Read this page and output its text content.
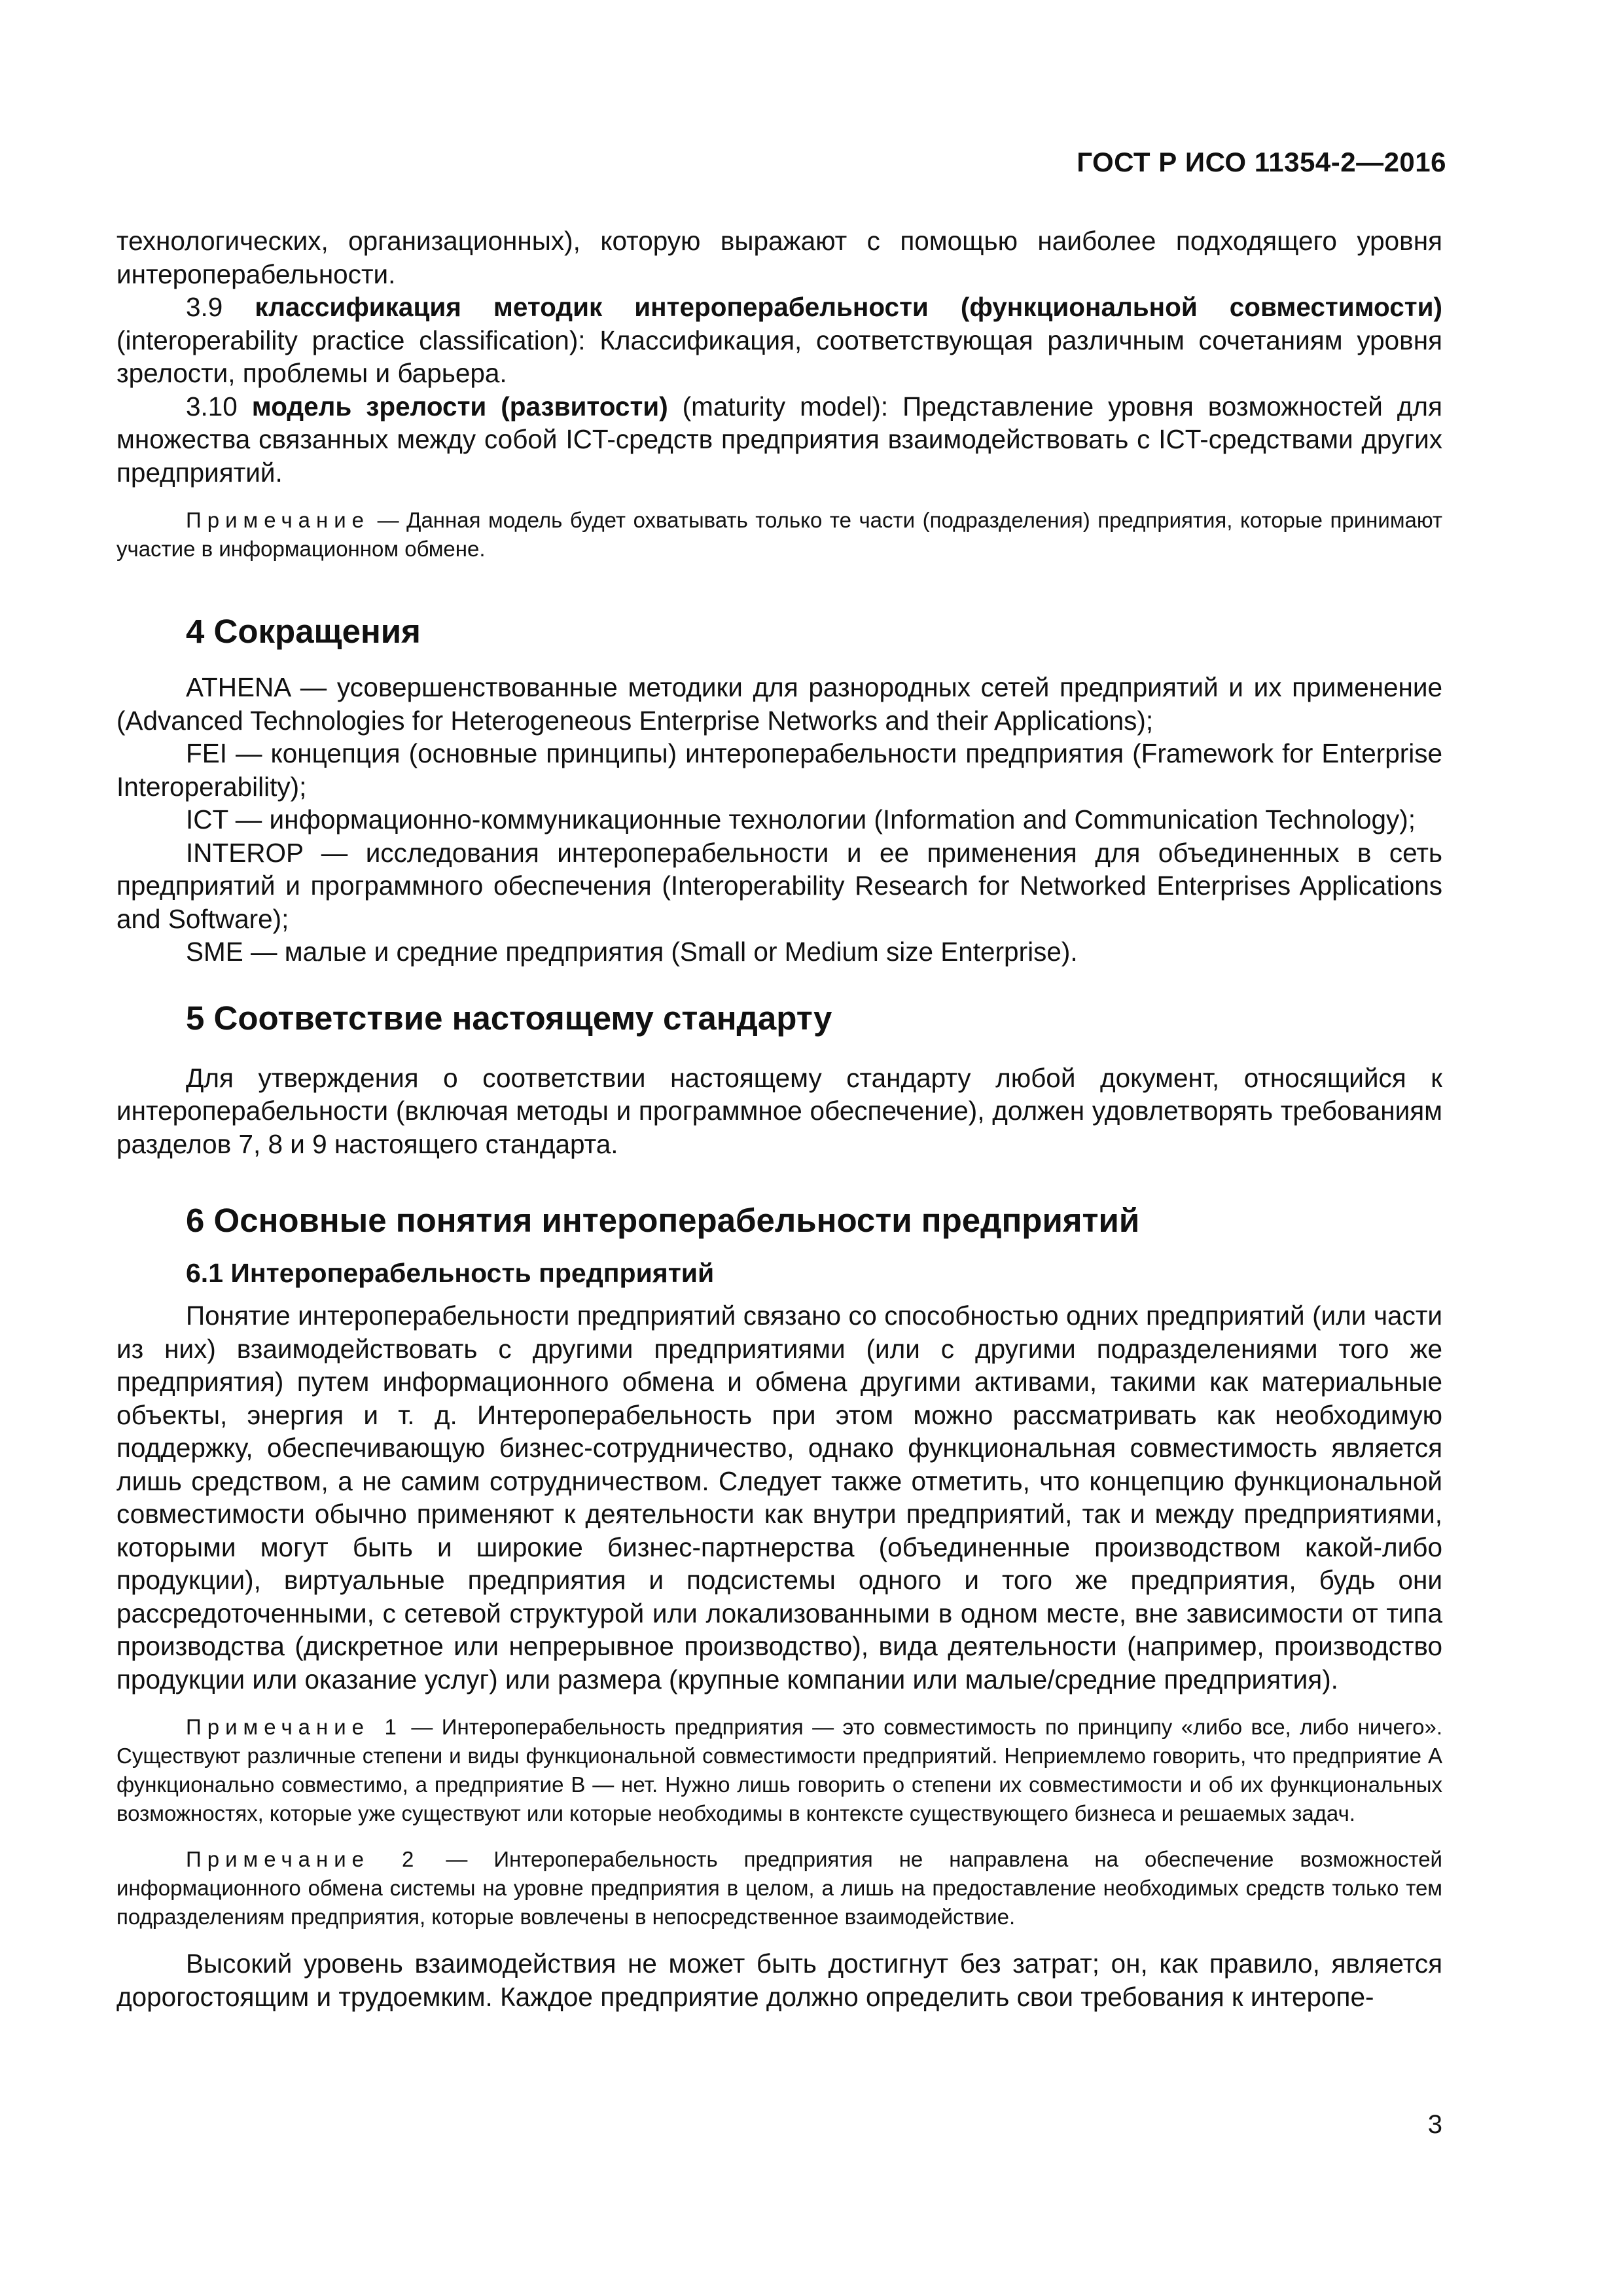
ГОСТ Р ИСО 11354-2—2016

технологических, организационных), которую выражают с помощью наиболее подходящего уровня интероперабельности.

3.9 классификация методик интероперабельности (функциональной совместимости) (interoperability practice classification): Классификация, соответствующая различным сочетаниям уровня зрелости, проблемы и барьера.

3.10 модель зрелости (развитости) (maturity model): Представление уровня возможностей для множества связанных между собой ICT-средств предприятия взаимодействовать с ICT-средствами других предприятий.

Примечание — Данная модель будет охватывать только те части (подразделения) предприятия, которые принимают участие в информационном обмене.

4 Сокращения

ATHENA — усовершенствованные методики для разнородных сетей предприятий и их применение (Advanced Technologies for Heterogeneous Enterprise Networks and their Applications);

FEI — концепция (основные принципы) интероперабельности предприятия (Framework for Enterprise Interoperability);

ICT — информационно-коммуникационные технологии (Information and Communication Technology);

INTEROP — исследования интероперабельности и ее применения для объединенных в сеть предприятий и программного обеспечения (Interoperability Research for Networked Enterprises Applications and Software);

SME — малые и средние предприятия (Small or Medium size Enterprise).

5 Соответствие настоящему стандарту

Для утверждения о соответствии настоящему стандарту любой документ, относящийся к интероперабельности (включая методы и программное обеспечение), должен удовлетворять требованиям разделов 7, 8 и 9 настоящего стандарта.

6 Основные понятия интероперабельности предприятий
6.1 Интероперабельность предприятий

Понятие интероперабельности предприятий связано со способностью одних предприятий (или части из них) взаимодействовать с другими предприятиями (или с другими подразделениями того же предприятия) путем информационного обмена и обмена другими активами, такими как материальные объекты, энергия и т. д. Интероперабельность при этом можно рассматривать как необходимую поддержку, обеспечивающую бизнес-сотрудничество, однако функциональная совместимость является лишь средством, а не самим сотрудничеством. Следует также отметить, что концепцию функциональной совместимости обычно применяют к деятельности как внутри предприятий, так и между предприятиями, которыми могут быть и широкие бизнес-партнерства (объединенные производством какой-либо продукции), виртуальные предприятия и подсистемы одного и того же предприятия, будь они рассредоточенными, с сетевой структурой или локализованными в одном месте, вне зависимости от типа производства (дискретное или непрерывное производство), вида деятельности (например, производство продукции или оказание услуг) или размера (крупные компании или малые/средние предприятия).

Примечание 1 — Интероперабельность предприятия — это совместимость по принципу «либо все, либо ничего». Существуют различные степени и виды функциональной совместимости предприятий. Неприемлемо говорить, что предприятие А функционально совместимо, а предприятие В — нет. Нужно лишь говорить о степени их совместимости и об их функциональных возможностях, которые уже существуют или которые необходимы в контексте существующего бизнеса и решаемых задач.

Примечание 2 — Интероперабельность предприятия не направлена на обеспечение возможностей информационного обмена системы на уровне предприятия в целом, а лишь на предоставление необходимых средств только тем подразделениям предприятия, которые вовлечены в непосредственное взаимодействие.

Высокий уровень взаимодействия не может быть достигнут без затрат; он, как правило, является дорогостоящим и трудоемким. Каждое предприятие должно определить свои требования к интеропе-

3
